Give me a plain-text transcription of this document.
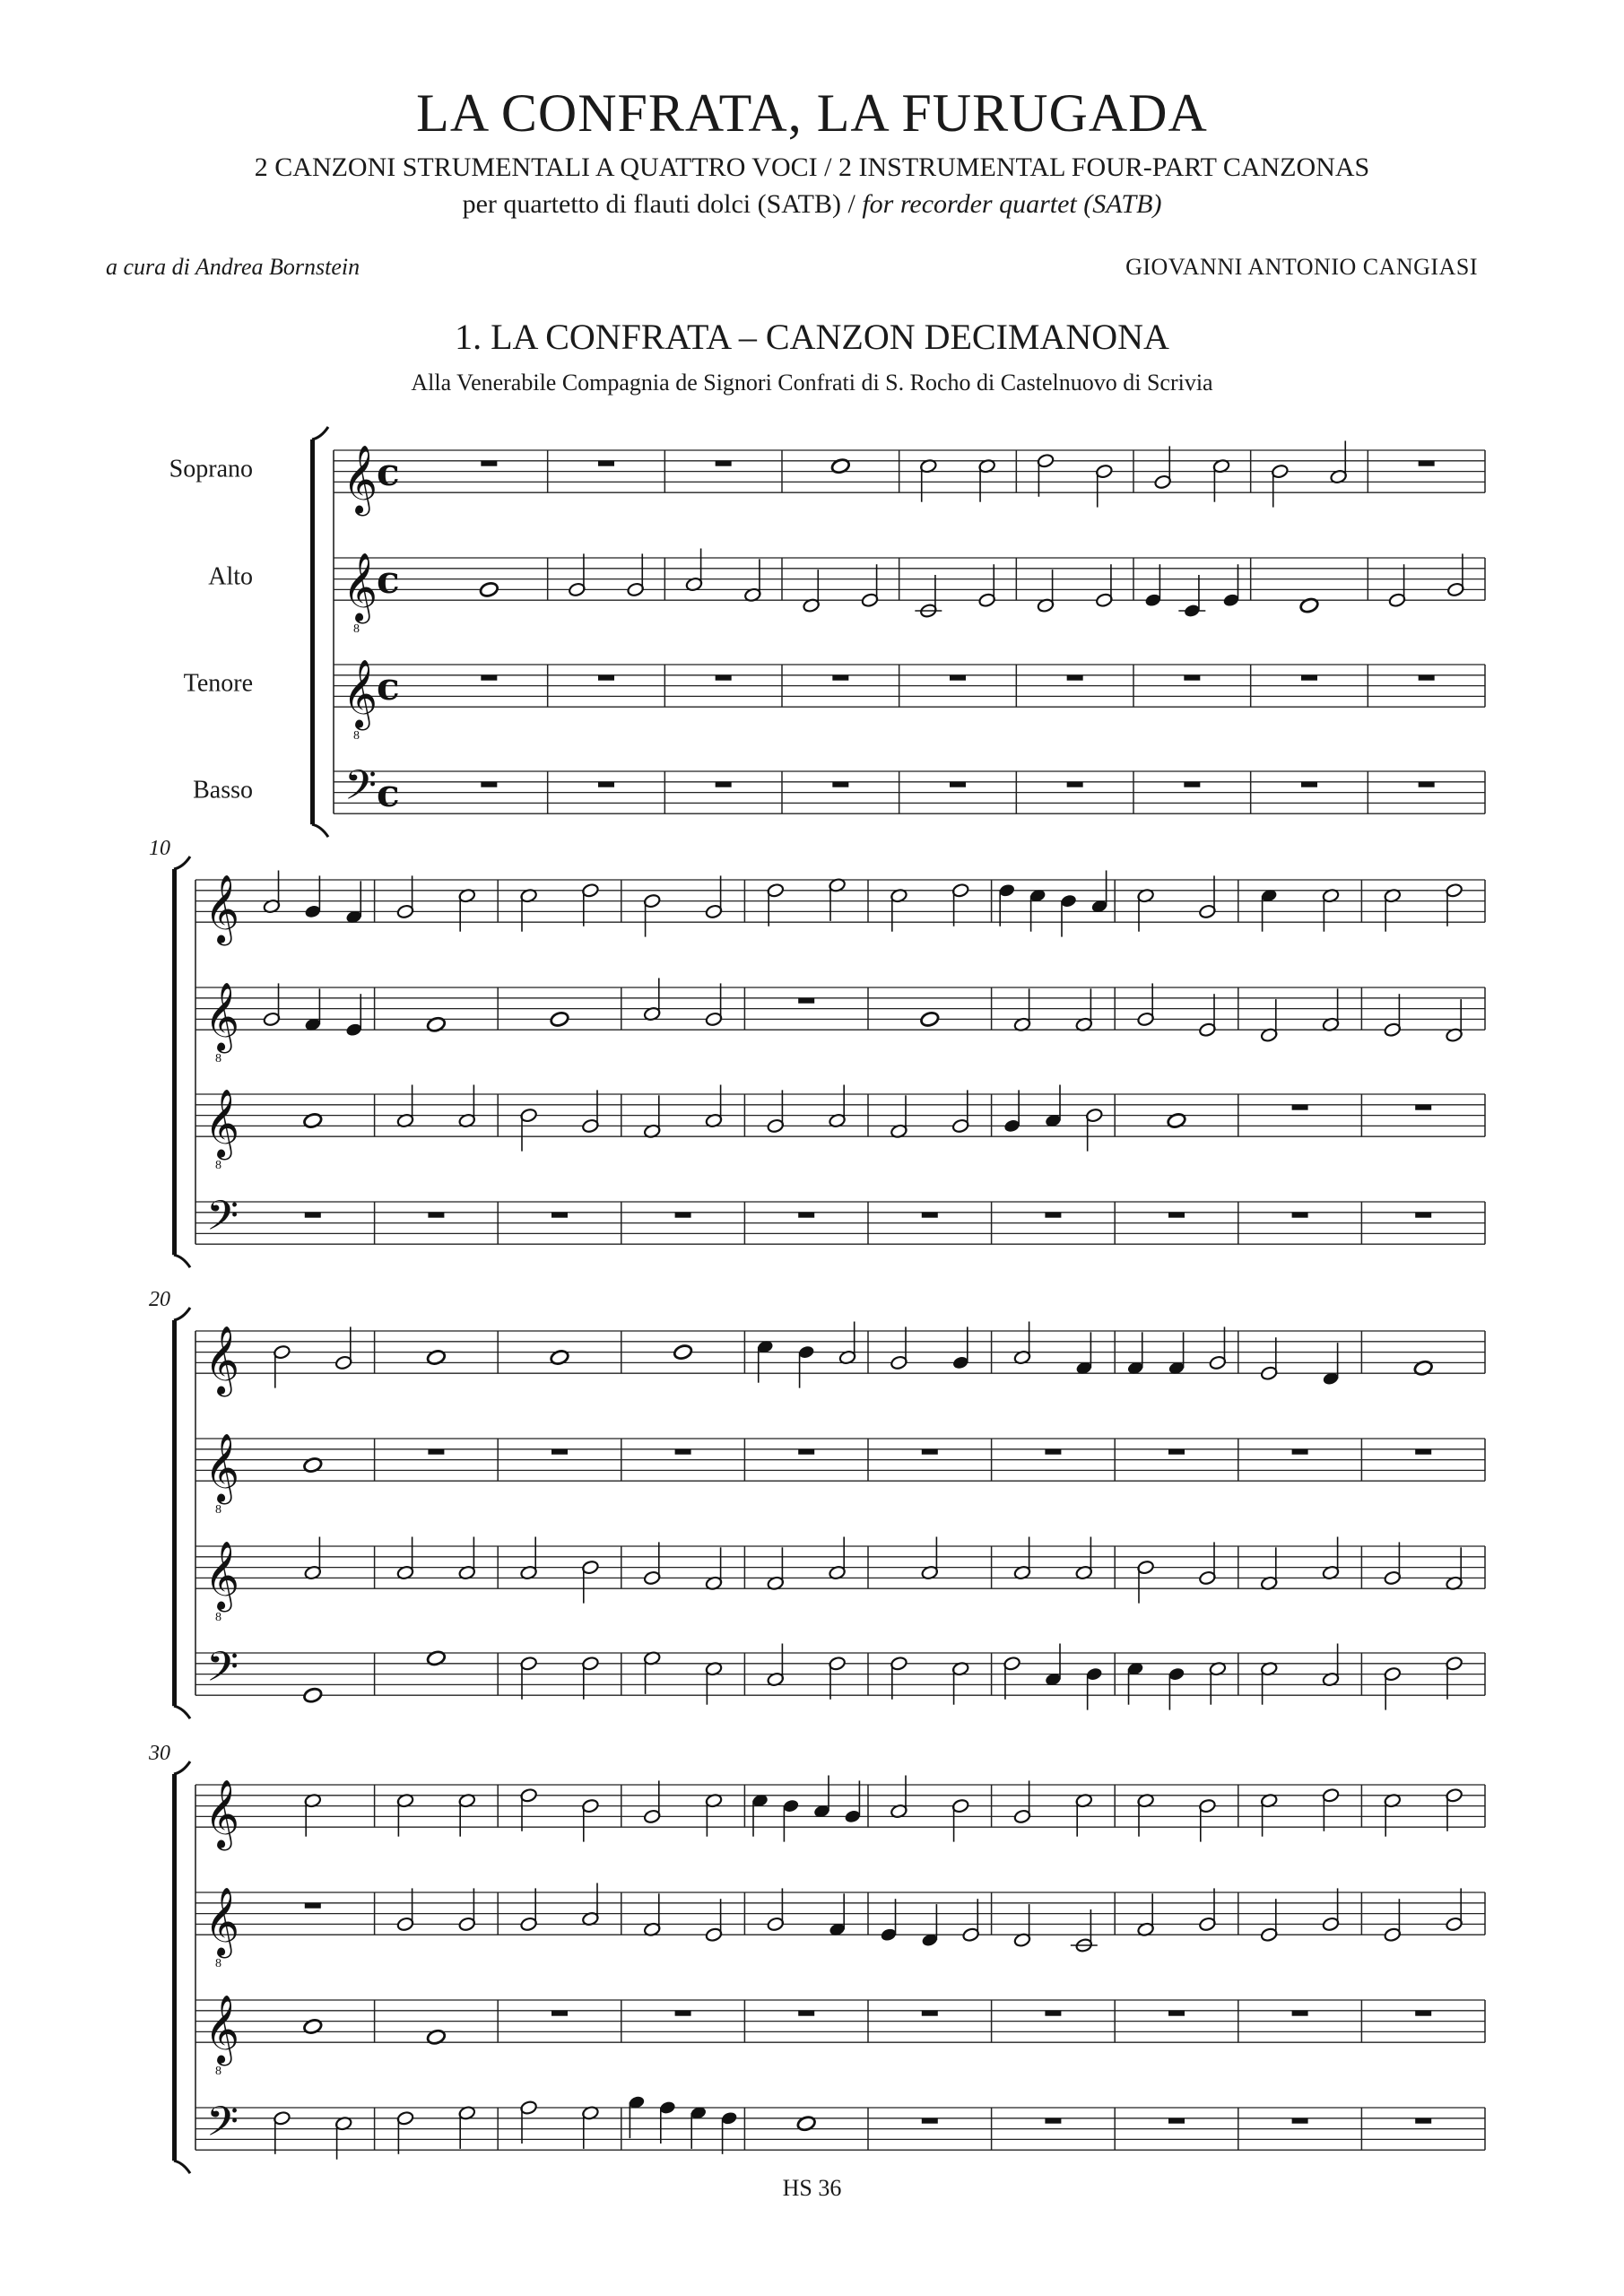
LA CONFRATA, LA FURUGADA
2 CANZONI STRUMENTALI A QUATTRO VOCI / 2 INSTRUMENTAL FOUR-PART CANZONAS
per quartetto di flauti dolci (SATB) / for recorder quartet (SATB)
a cura di Andrea Bornstein	GIOVANNI ANTONIO CANGIASI
1. LA CONFRATA – CANZON DECIMANONA
Alla Venerabile Compagnia de Signori Confrati di S. Rocho di Castelnuovo di Scrivia
Soprano 𝄞
c
Alto 𝄞
8
c
Tenore 𝄞
8
c
Basso 𝄢 c
10
𝄞
𝄞
8
𝄞
8
𝄢
20
𝄞
𝄞
8
𝄞
8
𝄢
30
𝄞
𝄞
8
𝄞
8
𝄢
HS 36
